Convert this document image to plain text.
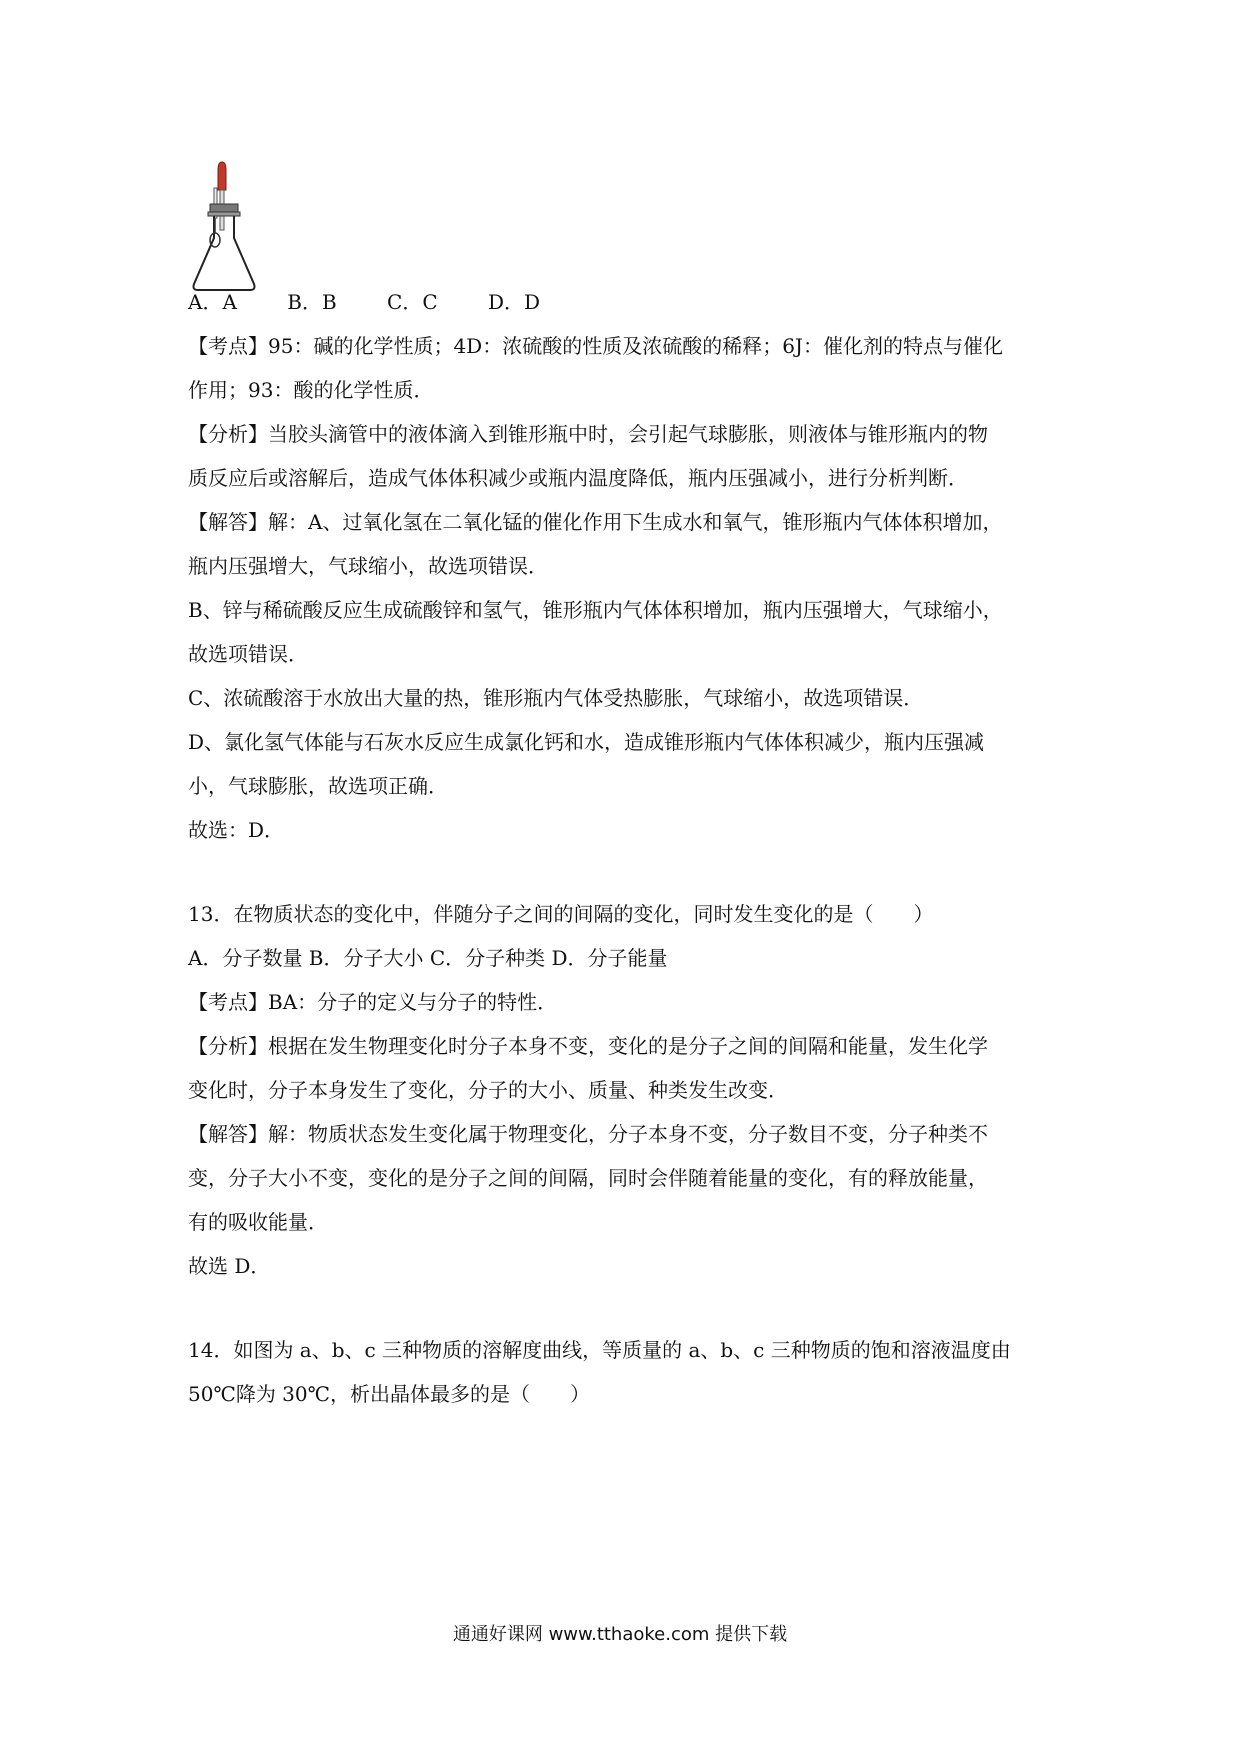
A．A	B．B	C．C	D．D
【考点】95：碱的化学性质；4D：浓硫酸的性质及浓硫酸的稀释；6J：催化剂的特点与催化
作用；93：酸的化学性质．
【分析】当胶头滴管中的液体滴入到锥形瓶中时，会引起气球膨胀，则液体与锥形瓶内的物
质反应后或溶解后，造成气体体积减少或瓶内温度降低，瓶内压强减小，进行分析判断．
【解答】解：A、过氧化氢在二氧化锰的催化作用下生成水和氧气，锥形瓶内气体体积增加，
瓶内压强增大，气球缩小，故选项错误．
B、锌与稀硫酸反应生成硫酸锌和氢气，锥形瓶内气体体积增加，瓶内压强增大，气球缩小，
故选项错误．
C、浓硫酸溶于水放出大量的热，锥形瓶内气体受热膨胀，气球缩小，故选项错误．
D、氯化氢气体能与石灰水反应生成氯化钙和水，造成锥形瓶内气体体积减少，瓶内压强减
小，气球膨胀，故选项正确．
故选：D．
13．在物质状态的变化中，伴随分子之间的间隔的变化，同时发生变化的是（　　）
A．分子数量 B．分子大小 C．分子种类 D．分子能量
【考点】BA：分子的定义与分子的特性．
【分析】根据在发生物理变化时分子本身不变，变化的是分子之间的间隔和能量，发生化学
变化时，分子本身发生了变化，分子的大小、质量、种类发生改变．
【解答】解：物质状态发生变化属于物理变化，分子本身不变，分子数目不变，分子种类不
变，分子大小不变，变化的是分子之间的间隔，同时会伴随着能量的变化，有的释放能量，
有的吸收能量．
故选 D．
14．如图为 a、b、c 三种物质的溶解度曲线，等质量的 a、b、c 三种物质的饱和溶液温度由
50℃降为 30℃，析出晶体最多的是（　　）
通通好课网 www.tthaoke.com 提供下载
